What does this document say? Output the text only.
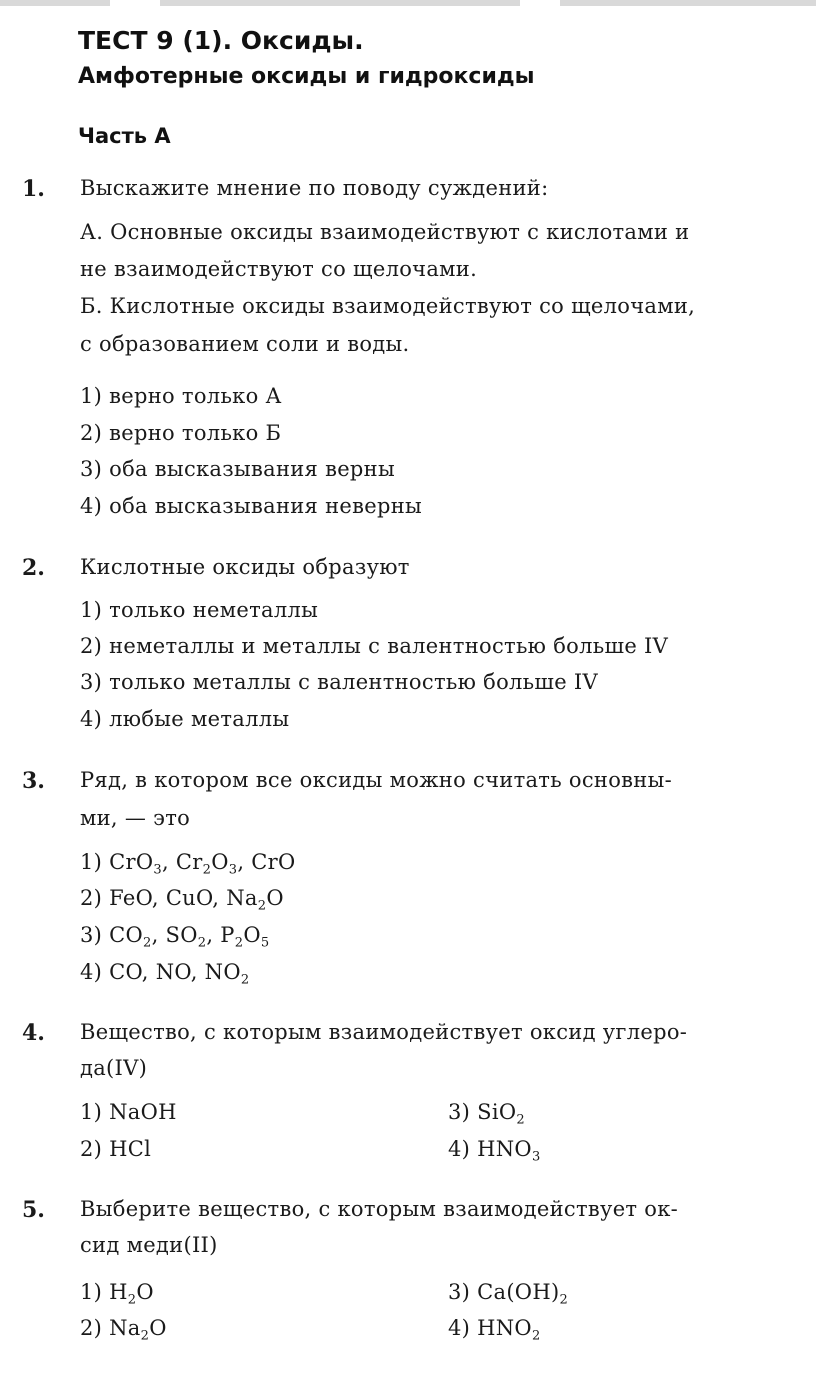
ТЕСТ 9 (1). Оксиды.
Амфотерные оксиды и гидроксиды
Часть А
1. Выскажите мнение по поводу суждений:
А. Основные оксиды взаимодействуют с кислотами и
не взаимодействуют со щелочами.
Б. Кислотные оксиды взаимодействуют со щелочами,
с образованием соли и воды.
1) верно только А
2) верно только Б
3) оба высказывания верны
4) оба высказывания неверны
2. Кислотные оксиды образуют
1) только неметаллы
2) неметаллы и металлы с валентностью больше IV
3) только металлы с валентностью больше IV
4) любые металлы
3. Ряд, в котором все оксиды можно считать основны-
ми, — это
1) CrO$_3$, $Cr_2O_3$, CrO
2) FeO, CuO, $Na_2O$
3) $CO_2$, $SO_2$, $P_2O_5$
4) CO, NO, $NO_2$
4. Вещество, с которым взаимодействует оксид углеро-
да(IV)
1) NaOH	3) SiO$_2$
2) HCl	4) $HNO_3$
5. Выберите вещество, с которым взаимодействует ок-
сид меди(II)
1) $H_2O$	3) $Ca(OH)_2$
2) $Na_2O$	4) $HNO_2$
